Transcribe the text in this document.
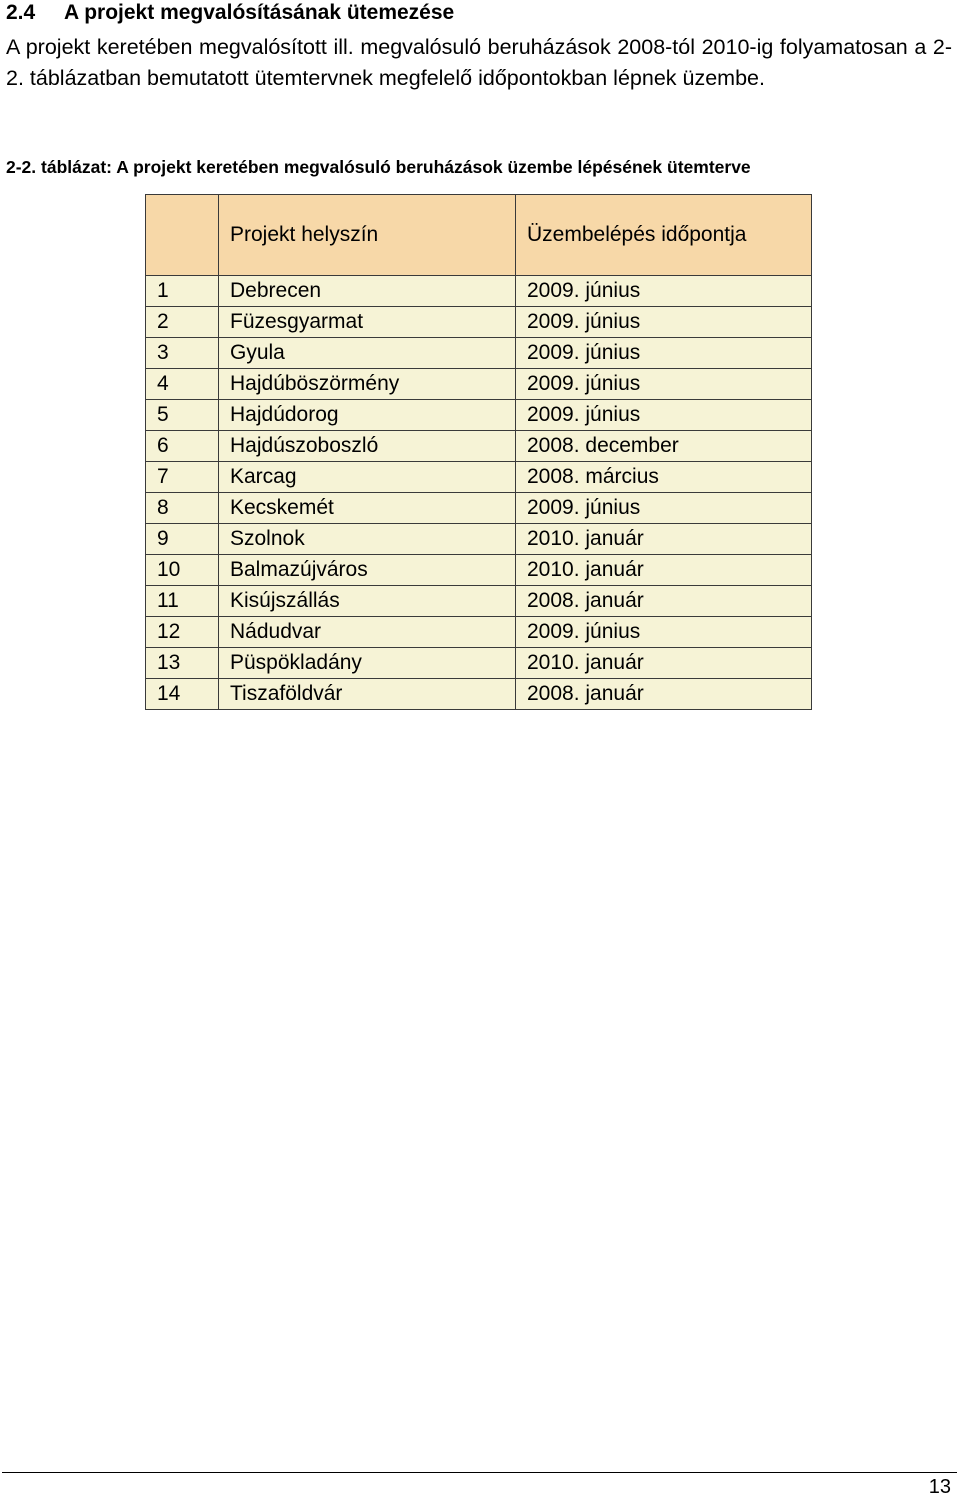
2.4 A projekt megvalósításának ütemezése
A projekt keretében megvalósított ill. megvalósuló beruházások 2008-tól 2010-ig folyamatosan a 2-2. táblázatban bemutatott ütemtervnek megfelelő időpontokban lépnek üzembe.
2-2. táblázat: A projekt keretében megvalósuló beruházások üzembe lépésének ütemterve
	Projekt helyszín	Üzembelépés időpontja
1	Debrecen	2009. június
2	Füzesgyarmat	2009. június
3	Gyula	2009. június
4	Hajdúböszörmény	2009. június
5	Hajdúdorog	2009. június
6	Hajdúszoboszló	2008. december
7	Karcag	2008. március
8	Kecskemét	2009. június
9	Szolnok	2010. január
10	Balmazújváros	2010. január
11	Kisújszállás	2008. január
12	Nádudvar	2009. június
13	Püspökladány	2010. január
14	Tiszaföldvár	2008. január
13
